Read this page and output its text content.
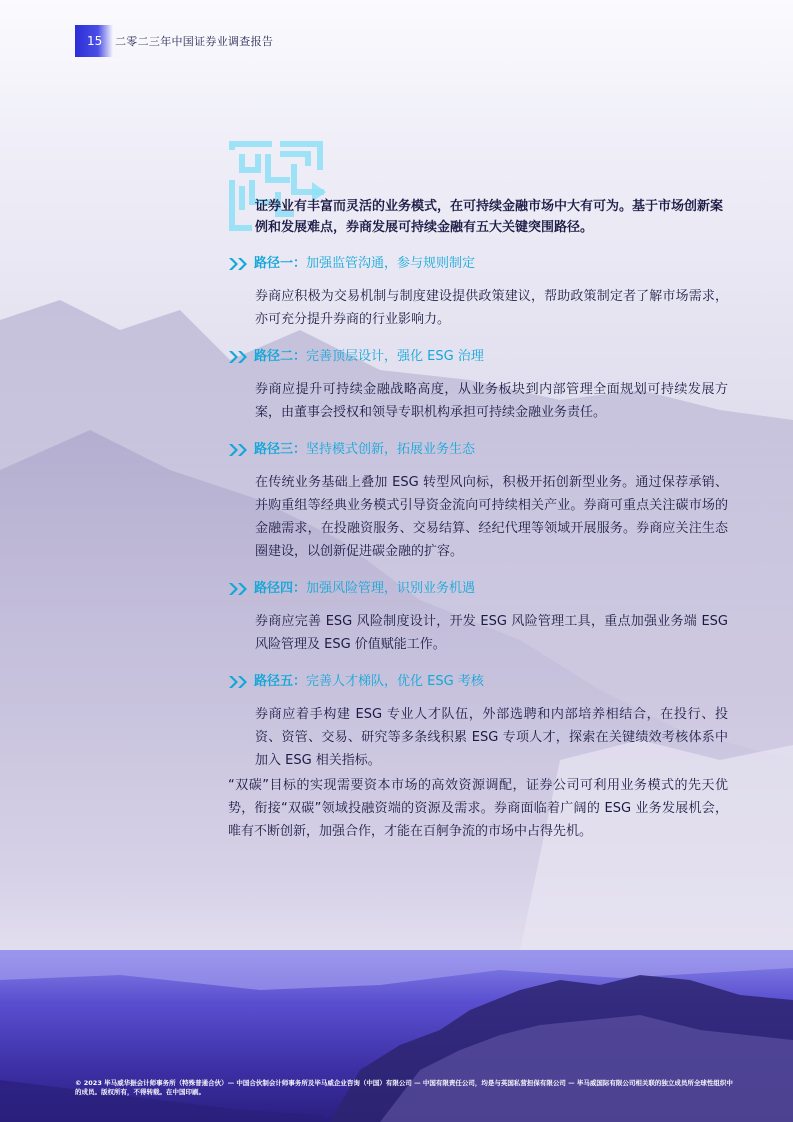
15	二零二三年中国证券业调查报告

证券业有丰富而灵活的业务模式，在可持续金融市场中大有可为。基于市场创新案例和发展难点，券商发展可持续金融有五大关键突围路径。

路径一：加强监管沟通，参与规则制定

券商应积极为交易机制与制度建设提供政策建议，帮助政策制定者了解市场需求，亦可充分提升券商的行业影响力。

路径二：完善顶层设计，强化 ESG 治理

券商应提升可持续金融战略高度，从业务板块到内部管理全面规划可持续发展方案，由董事会授权和领导专职机构承担可持续金融业务责任。

路径三：坚持模式创新，拓展业务生态

在传统业务基础上叠加 ESG 转型风向标，积极开拓创新型业务。通过保荐承销、并购重组等经典业务模式引导资金流向可持续相关产业。券商可重点关注碳市场的金融需求，在投融资服务、交易结算、经纪代理等领域开展服务。券商应关注生态圈建设，以创新促进碳金融的扩容。

路径四：加强风险管理，识别业务机遇

券商应完善 ESG 风险制度设计，开发 ESG 风险管理工具，重点加强业务端 ESG 风险管理及 ESG 价值赋能工作。

路径五：完善人才梯队，优化 ESG 考核

券商应着手构建 ESG 专业人才队伍，外部选聘和内部培养相结合，在投行、投资、资管、交易、研究等多条线积累 ESG 专项人才，探索在关键绩效考核体系中加入 ESG 相关指标。

“双碳”目标的实现需要资本市场的高效资源调配，证券公司可利用业务模式的先天优势，衔接“双碳”领域投融资端的资源及需求。券商面临着广阔的 ESG 业务发展机会，唯有不断创新，加强合作，才能在百舸争流的市场中占得先机。

© 2023 毕马威华振会计师事务所（特殊普通合伙）— 中国合伙制会计师事务所及毕马威企业咨询（中国）有限公司 — 中国有限责任公司，均是与英国私营担保有限公司 — 毕马威国际有限公司相关联的独立成员所全球性组织中的成员。版权所有，不得转载。在中国印刷。
